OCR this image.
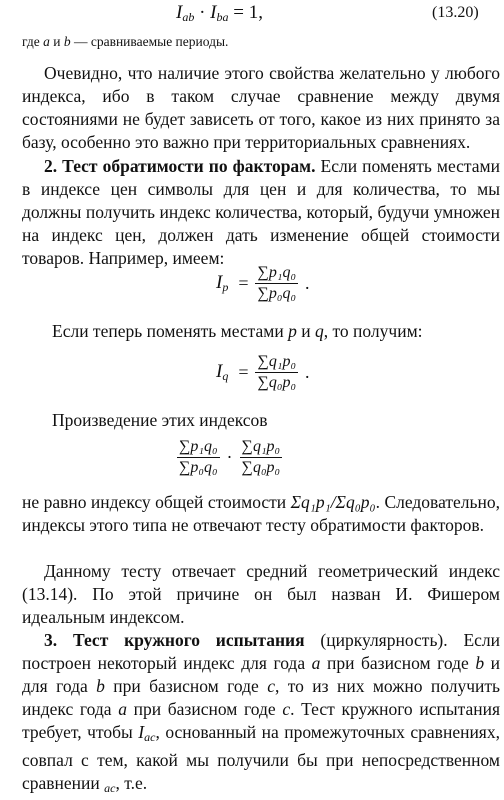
$I_{ab} \cdot I_{ba} = 1$,	(13.20)
где a и b — сравниваемые периоды.
Очевидно, что наличие этого свойства желательно у любого индекса, ибо в таком случае сравнение между двумя состояниями не будет зависеть от того, какое из них принято за базу, особенно это важно при территориальных сравнениях.
2. Тест обратимости по факторам. Если поменять местами в индексе цен символы для цен и для количества, то мы должны получить индекс количества, который, будучи умножен на индекс цен, должен дать изменение общей стоимости товаров. Например, имеем:
$I_p = \frac{\text{∑p₁q₀}}{\text{∑p₀q₀}}$ .
Если теперь поменять местами p и q, то получим:
$I_q = \frac{\text{∑q₁p₀}}{\text{∑q₀p₀}}$ .
Произведение этих индексов
$\frac{\text{∑p₁q₀}}{\text{∑p₀q₀}} \cdot \frac{\text{∑q₁p₀}}{\text{∑q₀p₀}}$
не равно индексу общей стоимости Σq₁p₁/Σq₀p₀. Следовательно, индексы этого типа не отвечают тесту обратимости факторов.
Данному тесту отвечает средний геометрический индекс (13.14). По этой причине он был назван И. Фишером идеальным индексом.
3. Тест кружного испытания (циркулярность). Если построен некоторый индекс для года a при базисном годе b и для года b при базисном годе c, то из них можно получить индекс года a при базисном годе c. Тест кружного испытания требует, чтобы $I_{ac}$, основанный на промежуточных сравнениях, совпал с тем, какой мы получили бы при непосредственном сравнении $_{ac}$, т.е.
